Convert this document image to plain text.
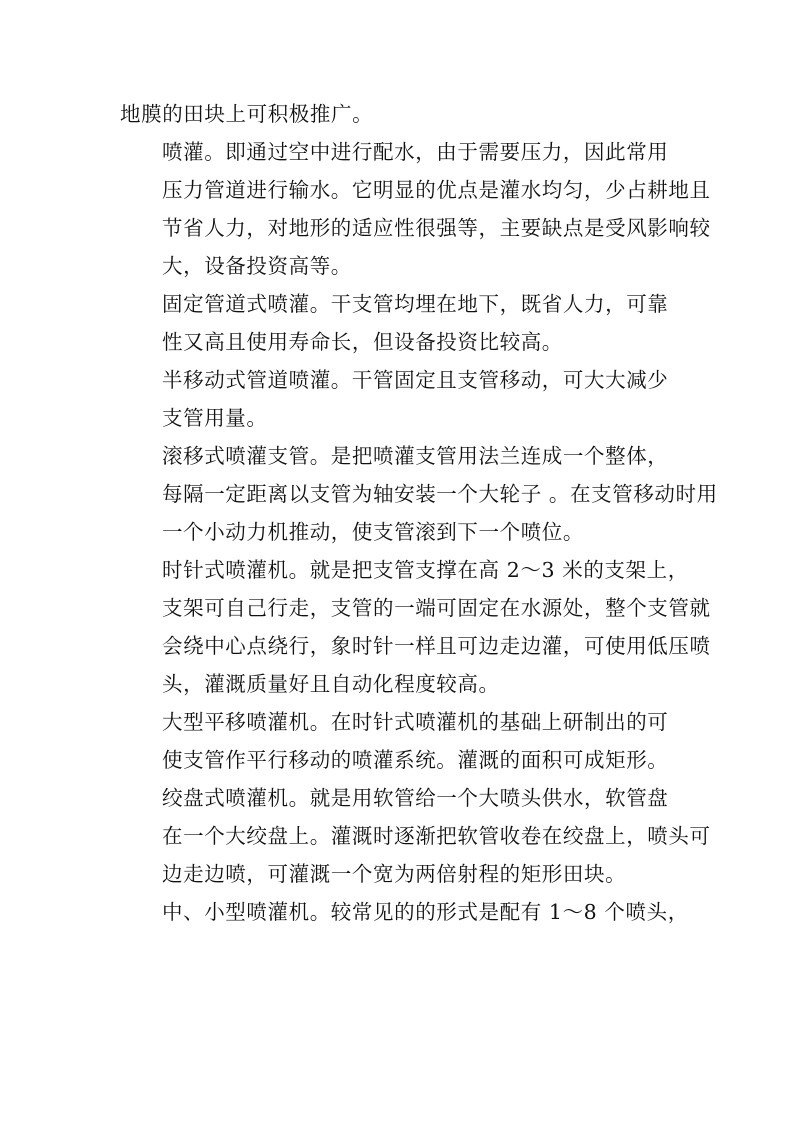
地膜的田块上可积极推广。

喷灌。即通过空中进行配水，由于需要压力，因此常用
压力管道进行输水。它明显的优点是灌水均匀，少占耕地且
节省人力，对地形的适应性很强等，主要缺点是受风影响较
大，设备投资高等。

固定管道式喷灌。干支管均埋在地下，既省人力，可靠
性又高且使用寿命长，但设备投资比较高。

半移动式管道喷灌。干管固定且支管移动，可大大减少
支管用量。

滚移式喷灌支管。是把喷灌支管用法兰连成一个整体，
每隔一定距离以支管为轴安装一个大轮子 。在支管移动时用
一个小动力机推动，使支管滚到下一个喷位。

时针式喷灌机。就是把支管支撑在高 2～3 米的支架上，
支架可自己行走，支管的一端可固定在水源处，整个支管就
会绕中心点绕行，象时针一样且可边走边灌，可使用低压喷
头，灌溉质量好且自动化程度较高。

大型平移喷灌机。在时针式喷灌机的基础上研制出的可
使支管作平行移动的喷灌系统。灌溉的面积可成矩形。

绞盘式喷灌机。就是用软管给一个大喷头供水，软管盘
在一个大绞盘上。灌溉时逐渐把软管收卷在绞盘上，喷头可
边走边喷，可灌溉一个宽为两倍射程的矩形田块。

中、小型喷灌机。较常见的的形式是配有 1～8 个喷头，
